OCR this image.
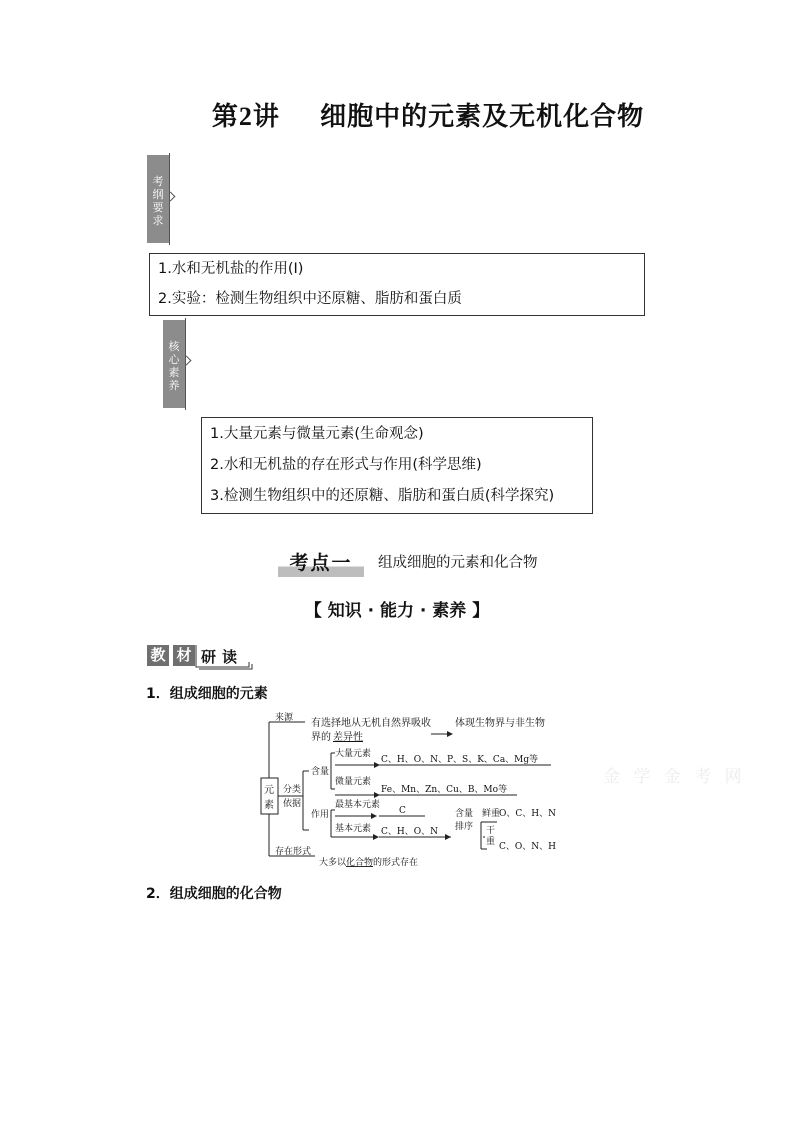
第2讲 细胞中的元素及无机化合物
考
纲
要
求
1.水和无机盐的作用(Ⅰ)
2.实验：检测生物组织中还原糖、脂肪和蛋白质
核
心
素
养
1.大量元素与微量元素(生命观念)
2.水和无机盐的存在形式与作用(科学思维)
3.检测生物组织中的还原糖、脂肪和蛋白质(科学探究)
考点一	组成细胞的元素和化合物
【 知识 · 能力 · 素养 】
教 材 研 读
1．组成细胞的元素
2．组成细胞的化合物
金 学 金 考 网
元
素
来源 有选择地从无机自然界吸收 体现生物界与非生物
界的 差异性
分类
依据
含量
大量元素
C、H、O、N、P、S、K、Ca、Mg等
微量元素
Fe、Mn、Zn、Cu、B、Mo等
作用
最基本元素
C
基本元素 C、H、O、N
含量
排序
鲜重
O、C、H、N
干
重 C、O、N、H
存在形式
大多以 化合物 的形式存在
